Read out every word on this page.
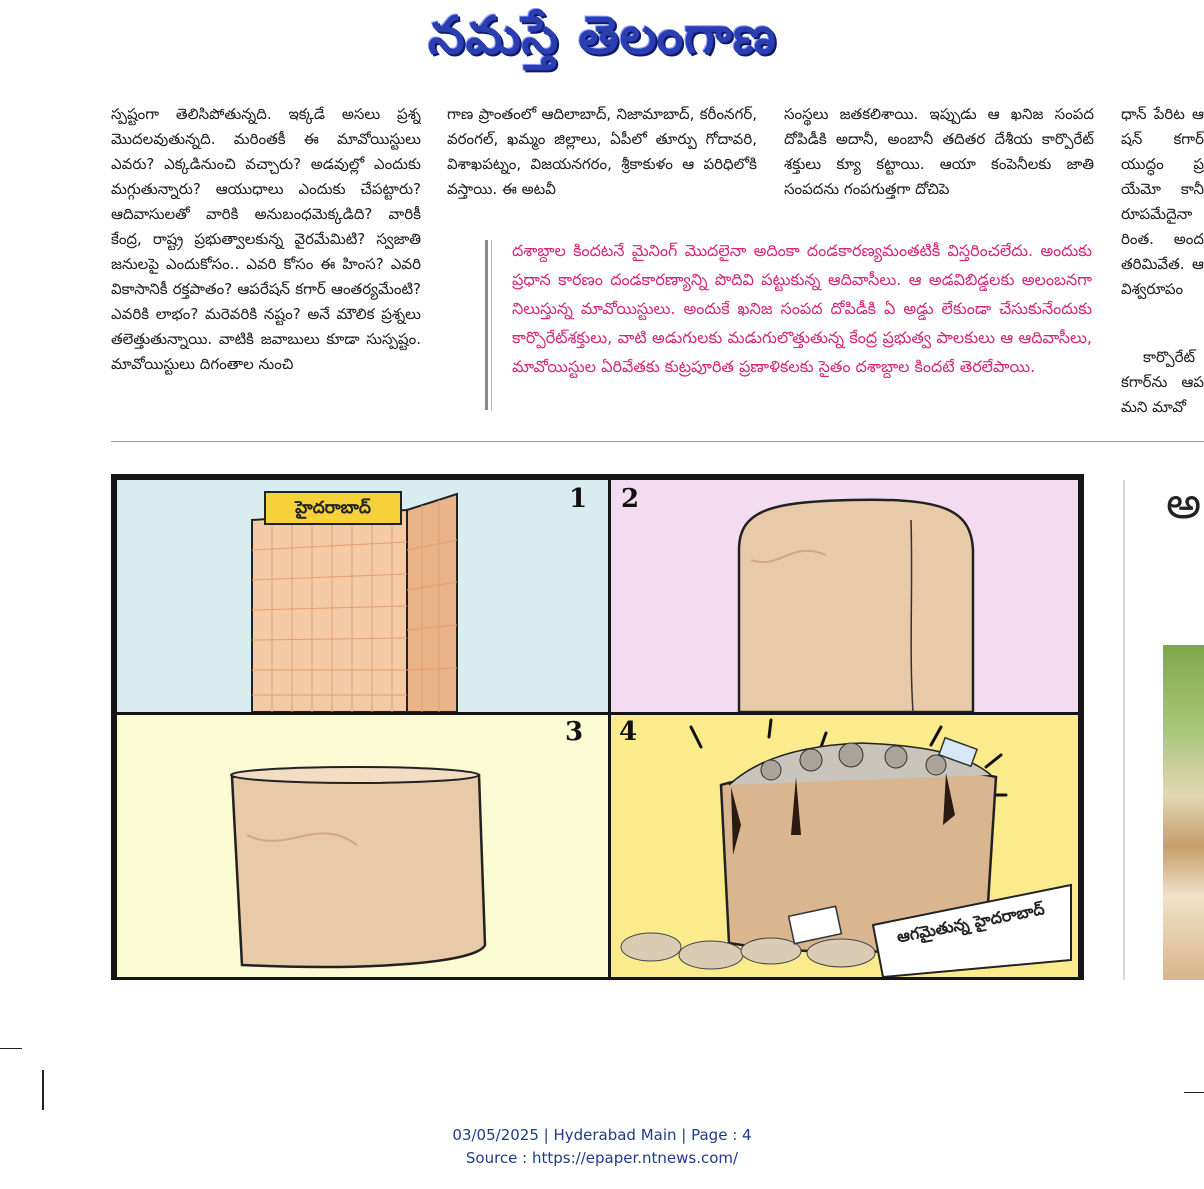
నమస్తే తెలంగాణ

స్పష్టంగా తెలిసిపోతున్నది. ఇక్కడే అసలు ప్రశ్న మొదలవుతున్నది. మరింతకీ ఈ మావోయిస్టులు ఎవరు? ఎక్కడినుంచి వచ్చారు? అడవుల్లో ఎందుకు మగ్గుతున్నారు? ఆయుధాలు ఎందుకు చేపట్టారు? ఆదివాసులతో వారికి అనుబంధమెక్కడిది? వారికీ కేంద్ర, రాష్ట్ర ప్రభుత్వాలకున్న వైరమేమిటి? స్వజాతి జనులపై ఎందుకోసం.. ఎవరి కోసం ఈ హింస? ఎవరి వికాసానికీ రక్తపాతం? ఆపరేషన్ కగార్ ఆంతర్యమేంటి? ఎవరికి లాభం? మరెవరికి నష్టం? అనే మౌలిక ప్రశ్నలు తలెత్తుతున్నాయి. వాటికి జవాబులు కూడా సుస్పష్టం. మావోయిస్టులు దిగంతాల నుంచి

గాణ ప్రాంతంలో ఆదిలాబాద్, నిజామాబాద్, కరీంనగర్, వరంగల్, ఖమ్మం జిల్లాలు, ఏపీలో తూర్పు గోదావరి, విశాఖపట్నం, విజయనగరం, శ్రీకాకుళం ఆ పరిధిలోకి వస్తాయి. ఈ అటవీ

సంస్థలు జతకలిశాయి. ఇప్పుడు ఆ ఖనిజ సంపద దోపిడీకి అదానీ, అంబానీ తదితర దేశీయ కార్పొరేట్ శక్తులు క్యూ కట్టాయి. ఆయా కంపెనీలకు జాతి సంపదను గంపగుత్తగా దోచిపె

ధాన్ పేరిట ఆ షన్ కగార్ యుద్ధం ప్ర యేమో కానీ రూపమేదైనా రింత. అంద తరిమివేత. ఆ విశ్వరూపం

కార్పొరేట్ కగార్‌ను ఆప మని మావో

దశాబ్దాల కిందటనే మైనింగ్ మొదలైనా అదింకా దండకారణ్యమంతటికీ విస్తరించలేదు. అందుకు ప్రధాన కారణం దండకారణ్యాన్ని పొదివి పట్టుకున్న ఆదివాసీలు. ఆ అడవిబిడ్డలకు అలంబనగా నిలుస్తున్న మావోయిస్టులు. అందుకే ఖనిజ సంపద దోపిడీకి ఏ అడ్డు లేకుండా చేసుకునేందుకు కార్పొరేట్‌శక్తులు, వాటి అడుగులకు మడుగులొత్తుతున్న కేంద్ర ప్రభుత్వ పాలకులు ఆ ఆదివాసీలు, మావోయిస్టుల ఏరివేతకు కుట్రపూరిత ప్రణాళికలకు సైతం దశాబ్దాల కిందటే తెరలేపాయి.
హైదరాబాద్	1 2
3
ఆగమైతున్న హైదరాబాద్
4
అ
03/05/2025 | Hyderabad Main | Page : 4
Source : https://epaper.ntnews.com/
